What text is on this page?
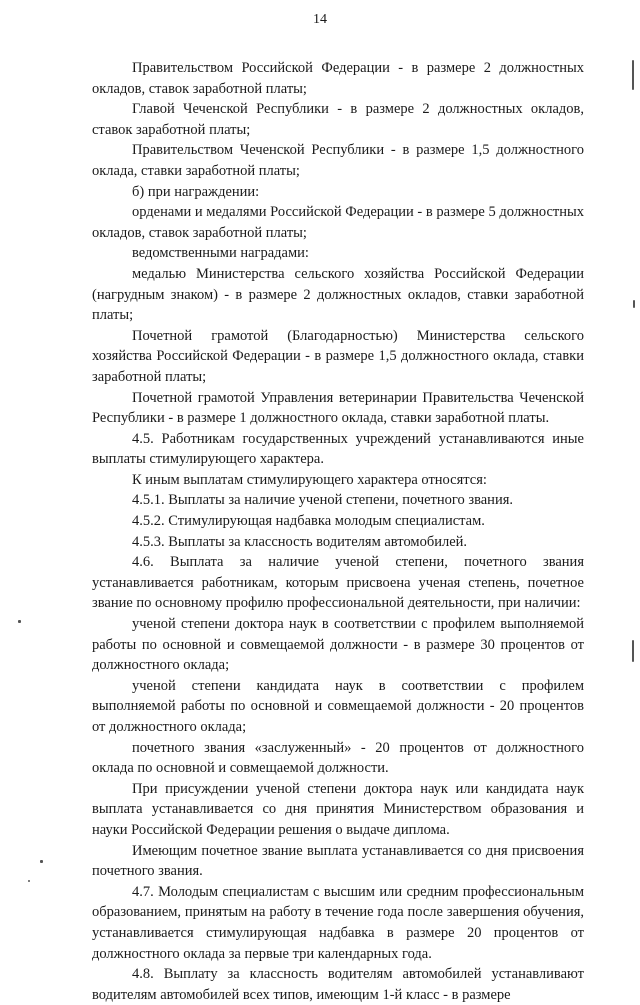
14

Правительством Российской Федерации - в размере 2 должностных окладов, ставок заработной платы;

Главой Чеченской Республики - в размере 2 должностных окладов, ставок заработной платы;

Правительством Чеченской Республики - в размере 1,5 должностного оклада, ставки заработной платы;

б) при награждении:

орденами и медалями Российской Федерации - в размере 5 должностных окладов, ставок заработной платы;

ведомственными наградами:

медалью Министерства сельского хозяйства Российской Федерации (нагрудным знаком) - в размере 2 должностных окладов, ставки заработной платы;

Почетной грамотой (Благодарностью) Министерства сельского хозяйства Российской Федерации - в размере 1,5 должностного оклада, ставки заработной платы;

Почетной грамотой Управления ветеринарии Правительства Чеченской Республики - в размере 1 должностного оклада, ставки заработной платы.

4.5. Работникам государственных учреждений устанавливаются иные выплаты стимулирующего характера.

К иным выплатам стимулирующего характера относятся:

4.5.1. Выплаты за наличие ученой степени, почетного звания.

4.5.2. Стимулирующая надбавка молодым специалистам.

4.5.3. Выплаты за классность водителям автомобилей.

4.6. Выплата за наличие ученой степени, почетного звания устанавливается работникам, которым присвоена ученая степень, почетное звание по основному профилю профессиональной деятельности, при наличии:

ученой степени доктора наук в соответствии с профилем выполняемой работы по основной и совмещаемой должности - в размере 30 процентов от должностного оклада;

ученой степени кандидата наук в соответствии с профилем выполняемой работы по основной и совмещаемой должности - 20 процентов от должностного оклада;

почетного звания «заслуженный» - 20 процентов от должностного оклада по основной и совмещаемой должности.

При присуждении ученой степени доктора наук или кандидата наук выплата устанавливается со дня принятия Министерством образования и науки Российской Федерации решения о выдаче диплома.

Имеющим почетное звание выплата устанавливается со дня присвоения почетного звания.

4.7. Молодым специалистам с высшим или средним профессиональным образованием, принятым на работу в течение года после завершения обучения, устанавливается стимулирующая надбавка в размере 20 процентов от должностного оклада за первые три календарных года.

4.8. Выплату за классность водителям автомобилей устанавливают водителям автомобилей всех типов, имеющим 1-й класс - в размере
